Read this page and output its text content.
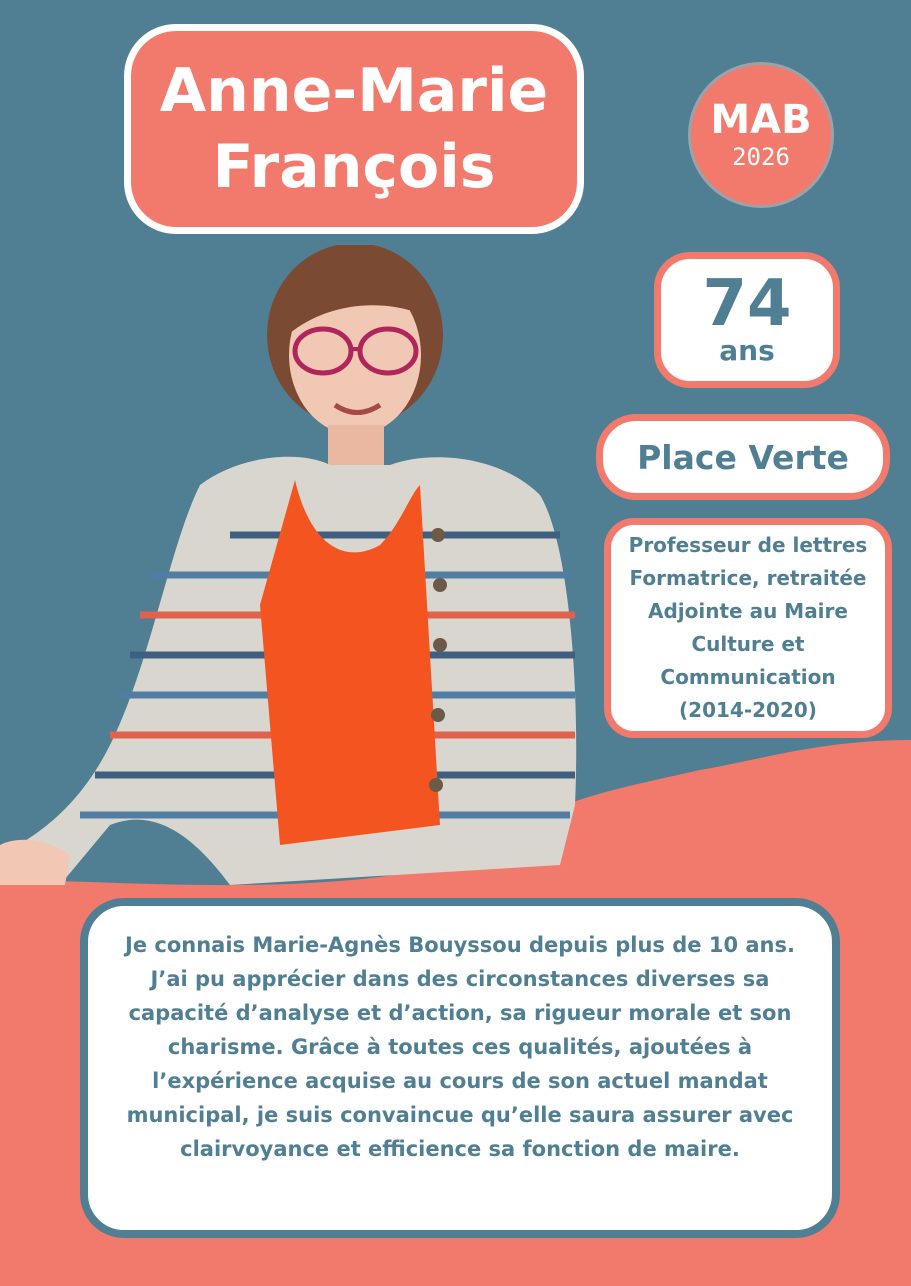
Anne-Marie
François
MAB
2026
74
ans
Place Verte
Professeur de lettres
Formatrice, retraitée
Adjointe au Maire
Culture et
Communication
(2014-2020)

Je connais Marie-Agnès Bouyssou depuis plus de 10 ans. J’ai pu apprécier dans des circonstances diverses sa capacité d’analyse et d’action, sa rigueur morale et son charisme. Grâce à toutes ces qualités, ajoutées à l’expérience acquise au cours de son actuel mandat municipal, je suis convaincue qu’elle saura assurer avec clairvoyance et efficience sa fonction de maire.
